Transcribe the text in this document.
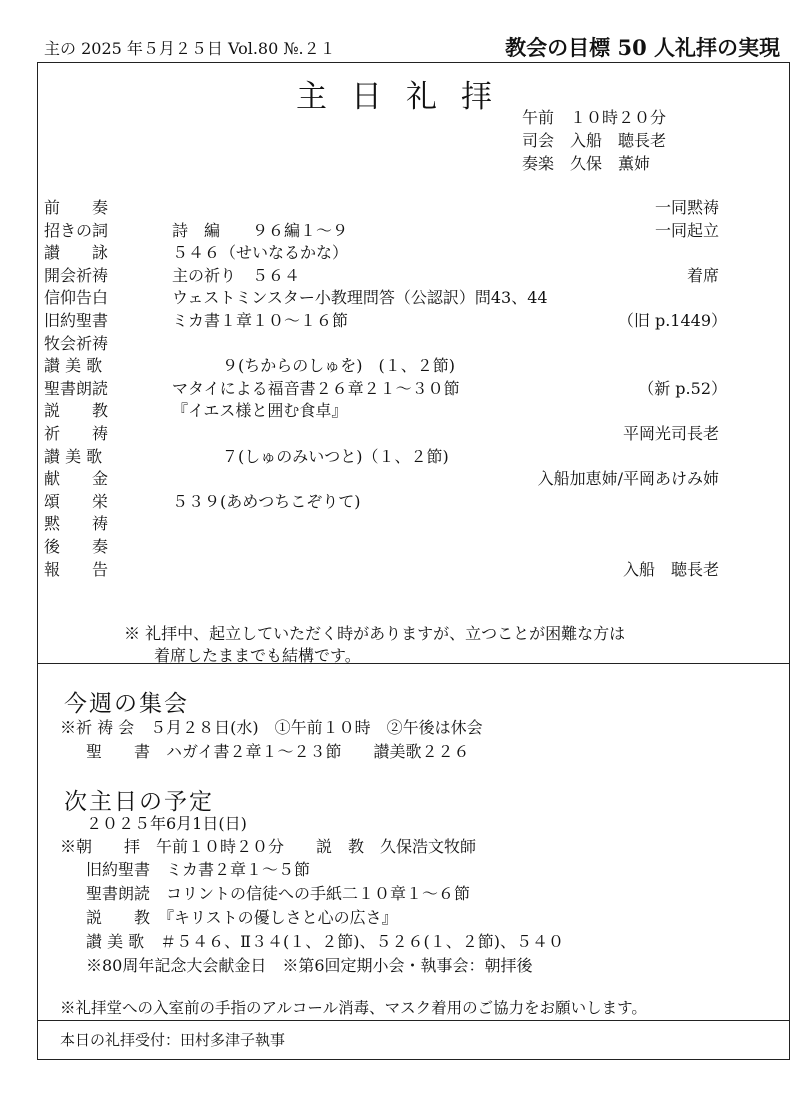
主の 2025 年５月２５日 Vol.80 №.２１	教会の目標 50 人礼拝の実現
主日礼拝
午前　１０時２０分
司会　入船　聴長老
奏楽　久保　薫姉
前　　奏	一同黙祷
招きの詞	詩　編　　９６編１～９	一同起立
讃　　詠	５４６（せいなるかな）
開会祈祷	主の祈り　５６４	着席
信仰告白	ウェストミンスター小教理問答（公認訳）問43、44
旧約聖書	ミカ書１章１０～１６節	（旧 p.1449）
牧会祈祷
讃 美 歌	９(ちからのしゅを)　(１、２節)
聖書朗読	マタイによる福音書２６章２１～３０節	（新 p.52）
説　　教	『イエス様と囲む食卓』
祈　　祷	平岡光司長老
讃 美 歌	７(しゅのみいつと)（１、２節)
献　　金	入船加恵姉/平岡あけみ姉
頌　　栄	５３９(あめつちこぞりて)
黙　　祷
後　　奏
報　　告	入船　聴長老
※ 礼拝中、起立していただく時がありますが、立つことが困難な方は
着席したままでも結構です。
今週の集会
※祈 祷 会　５月２８日(水)　①午前１０時　②午後は休会
聖　　書　ハガイ書２章１～２３節　　讃美歌２２６
次主日の予定
２０２５年6月1日(日)
※朝　　拝　午前１０時２０分　　説　教　久保浩文牧師
旧約聖書　ミカ書２章１～５節
聖書朗読　コリントの信徒への手紙二１０章１～６節
説　　教　『キリストの優しさと心の広さ』
讃 美 歌　＃５４６、Ⅱ３４(１、２節)、５２６(１、２節)、５４０
※80周年記念大会献金日　※第6回定期小会・執事会：朝拝後
※礼拝堂への入室前の手指のアルコール消毒、マスク着用のご協力をお願いします。
本日の礼拝受付：田村多津子執事
